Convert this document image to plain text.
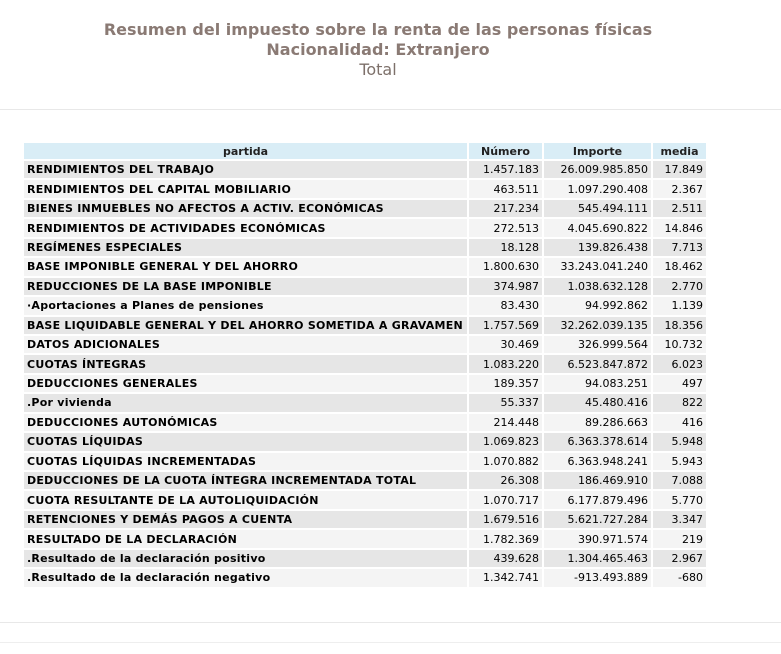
Resumen del impuesto sobre la renta de las personas físicas
Nacionalidad: Extranjero
Total
partida	Número	Importe	media
RENDIMIENTOS DEL TRABAJO	1.457.183	26.009.985.850	17.849
RENDIMIENTOS DEL CAPITAL MOBILIARIO	463.511	1.097.290.408	2.367
BIENES INMUEBLES NO AFECTOS A ACTIV. ECONÓMICAS	217.234	545.494.111	2.511
RENDIMIENTOS DE ACTIVIDADES ECONÓMICAS	272.513	4.045.690.822	14.846
REGÍMENES ESPECIALES	18.128	139.826.438	7.713
BASE IMPONIBLE GENERAL Y DEL AHORRO	1.800.630	33.243.041.240	18.462
REDUCCIONES DE LA BASE IMPONIBLE	374.987	1.038.632.128	2.770
·Aportaciones a Planes de pensiones	83.430	94.992.862	1.139
BASE LIQUIDABLE GENERAL Y DEL AHORRO SOMETIDA A GRAVAMEN	1.757.569	32.262.039.135	18.356
DATOS ADICIONALES	30.469	326.999.564	10.732
CUOTAS ÍNTEGRAS	1.083.220	6.523.847.872	6.023
DEDUCCIONES GENERALES	189.357	94.083.251	497
.Por vivienda	55.337	45.480.416	822
DEDUCCIONES AUTONÓMICAS	214.448	89.286.663	416
CUOTAS LÍQUIDAS	1.069.823	6.363.378.614	5.948
CUOTAS LÍQUIDAS INCREMENTADAS	1.070.882	6.363.948.241	5.943
DEDUCCIONES DE LA CUOTA ÍNTEGRA INCREMENTADA TOTAL	26.308	186.469.910	7.088
CUOTA RESULTANTE DE LA AUTOLIQUIDACIÓN	1.070.717	6.177.879.496	5.770
RETENCIONES Y DEMÁS PAGOS A CUENTA	1.679.516	5.621.727.284	3.347
RESULTADO DE LA DECLARACIÓN	1.782.369	390.971.574	219
.Resultado de la declaración positivo	439.628	1.304.465.463	2.967
.Resultado de la declaración negativo	1.342.741	-913.493.889	-680
